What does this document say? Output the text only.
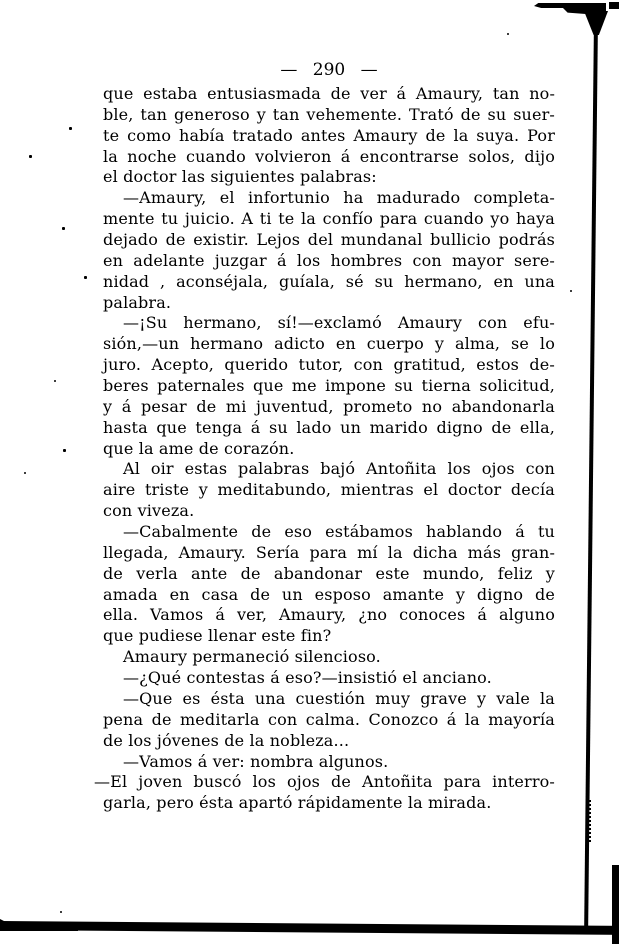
— 290 —
que estaba entusiasmada de ver á Amaury, tan no-
ble, tan generoso y tan vehemente. Trató de su suer-
te como había tratado antes Amaury de la suya. Por
la noche cuando volvieron á encontrarse solos, dijo
el doctor las siguientes palabras:
—Amaury, el infortunio ha madurado completa-
mente tu juicio. A ti te la confío para cuando yo haya
dejado de existir. Lejos del mundanal bullicio podrás
en adelante juzgar á los hombres con mayor sere-
nidad , aconséjala, guíala, sé su hermano, en una
palabra.
—¡Su hermano, sí!—exclamó Amaury con efu-
sión,—un hermano adicto en cuerpo y alma, se lo
juro. Acepto, querido tutor, con gratitud, estos de-
beres paternales que me impone su tierna solicitud,
y á pesar de mi juventud, prometo no abandonarla
hasta que tenga á su lado un marido digno de ella,
que la ame de corazón.
Al oir estas palabras bajó Antoñita los ojos con
aire triste y meditabundo, mientras el doctor decía
con viveza.
—Cabalmente de eso estábamos hablando á tu
llegada, Amaury. Sería para mí la dicha más gran-
de verla ante de abandonar este mundo, feliz y
amada en casa de un esposo amante y digno de
ella. Vamos á ver, Amaury, ¿no conoces á alguno
que pudiese llenar este fin?
Amaury permaneció silencioso.
—¿Qué contestas á eso?—insistió el anciano.
—Que es ésta una cuestión muy grave y vale la
pena de meditarla con calma. Conozco á la mayoría
de los jóvenes de la nobleza...
—Vamos á ver: nombra algunos.
—El joven buscó los ojos de Antoñita para interro-
garla, pero ésta apartó rápidamente la mirada.
